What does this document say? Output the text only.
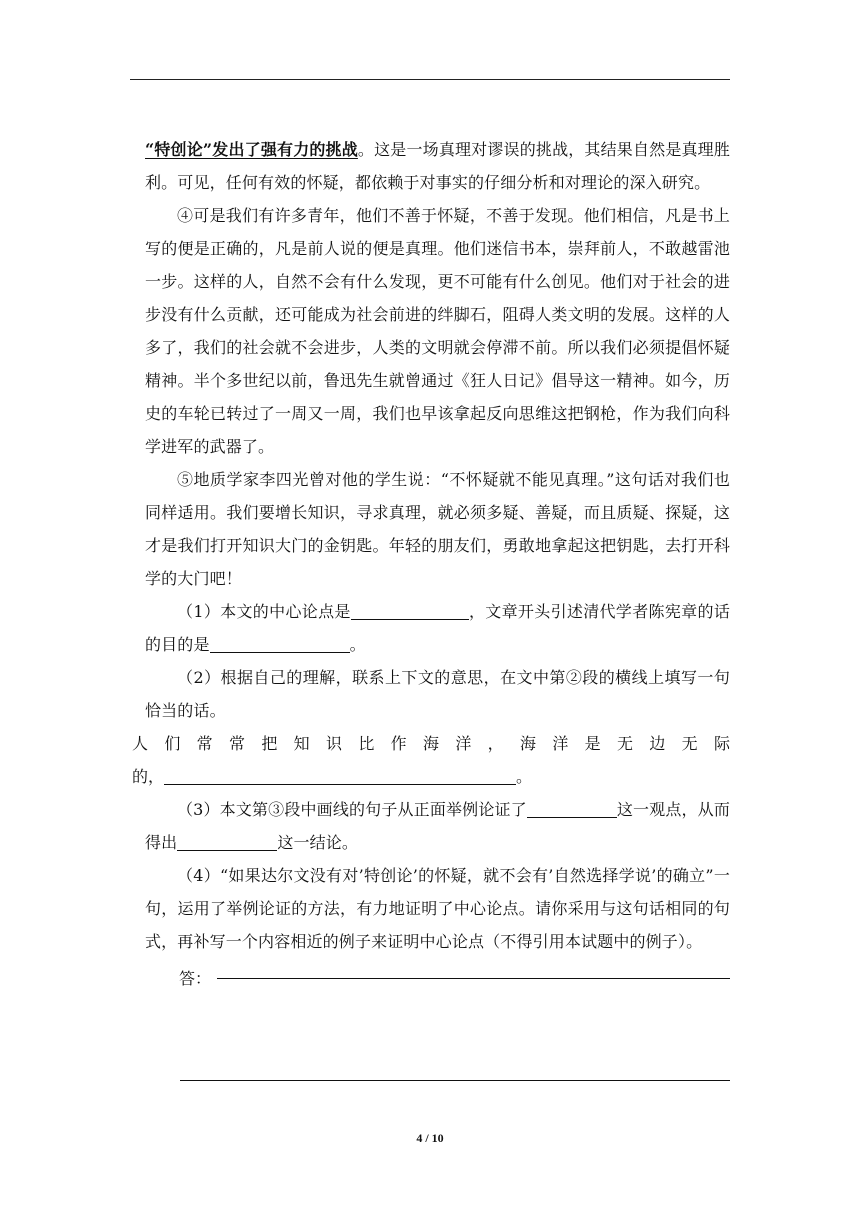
“特创论”发出了强有力的挑战。这是一场真理对谬误的挑战，其结果自然是真理胜利。可见，任何有效的怀疑，都依赖于对事实的仔细分析和对理论的深入研究。

④可是我们有许多青年，他们不善于怀疑，不善于发现。他们相信，凡是书上写的便是正确的，凡是前人说的便是真理。他们迷信书本，崇拜前人，不敢越雷池一步。这样的人，自然不会有什么发现，更不可能有什么创见。他们对于社会的进步没有什么贡献，还可能成为社会前进的绊脚石，阻碍人类文明的发展。这样的人多了，我们的社会就不会进步，人类的文明就会停滞不前。所以我们必须提倡怀疑精神。半个多世纪以前，鲁迅先生就曾通过《狂人日记》倡导这一精神。如今，历史的车轮已转过了一周又一周，我们也早该拿起反向思维这把钢枪，作为我们向科学进军的武器了。

⑤地质学家李四光曾对他的学生说：“不怀疑就不能见真理。”这句话对我们也同样适用。我们要增长知识，寻求真理，就必须多疑、善疑，而且质疑、探疑，这才是我们打开知识大门的金钥匙。年轻的朋友们，勇敢地拿起这把钥匙，去打开科学的大门吧！

（1）本文的中心论点是	，文章开头引述清代学者陈宪章的话的目的是	。

（2）根据自己的理解，联系上下文的意思，在文中第②段的横线上填写一句恰当的话。

人们常常把知识比作海洋，海洋是无边无际

的，	。

（3）本文第③段中画线的句子从正面举例论证了	这一观点，从而得出	这一结论。

（4）“如果达尔文没有对’特创论’的怀疑，就不会有’自然选择学说’的确立”一句，运用了举例论证的方法，有力地证明了中心论点。请你采用与这句话相同的句式，再补写一个内容相近的例子来证明中心论点（不得引用本试题中的例子）。

答：
4 / 10
